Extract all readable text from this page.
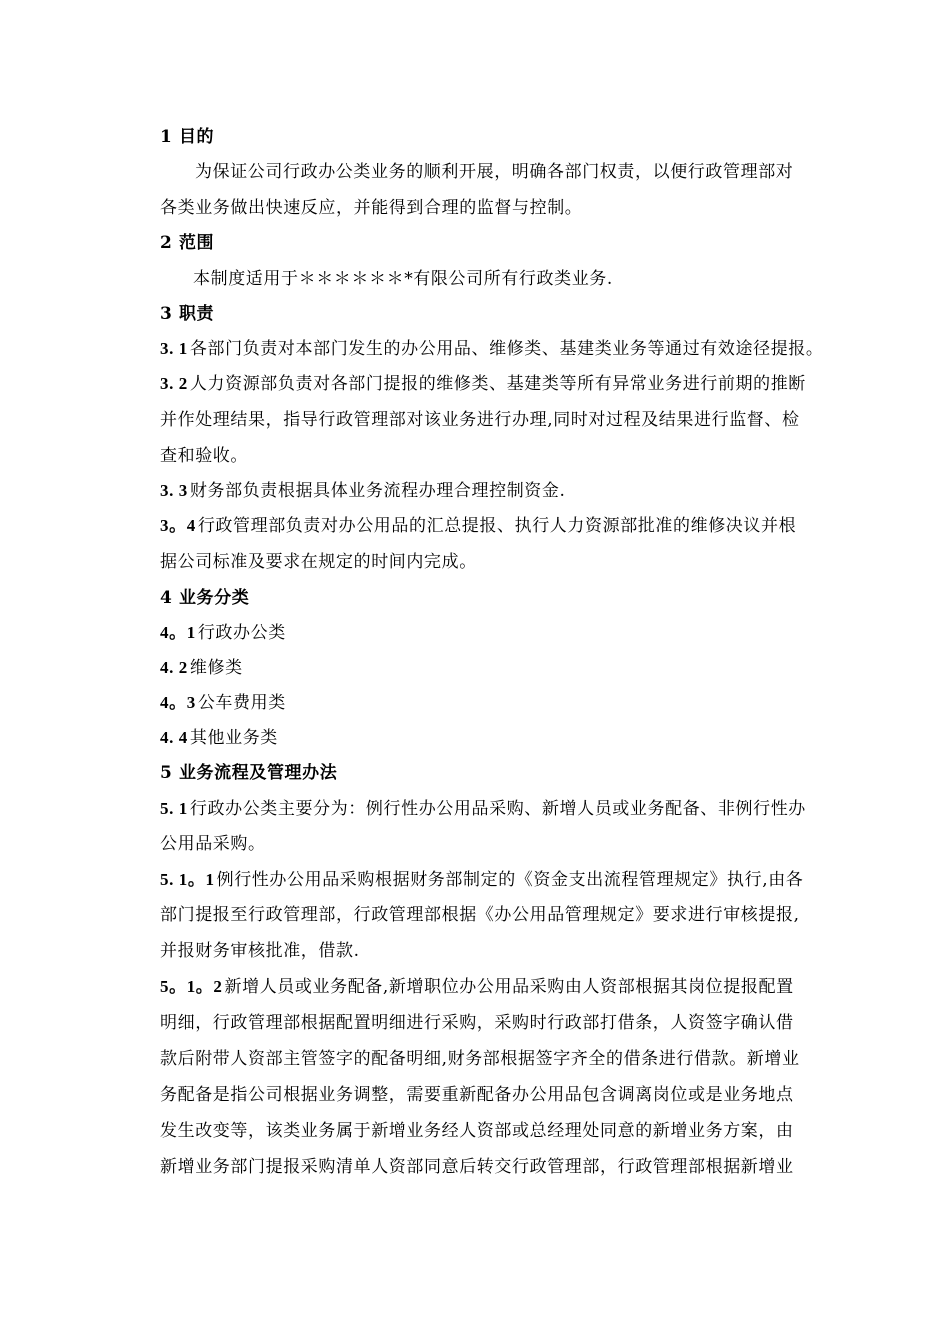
1 目的
为保证公司行政办公类业务的顺利开展，明确各部门权责，以便行政管理部对
各类业务做出快速反应，并能得到合理的监督与控制。
2 范围
本制度适用于＊＊＊＊＊＊*有限公司所有行政类业务.
3 职责
3. 1 各部门负责对本部门发生的办公用品、维修类、基建类业务等通过有效途径提报。
3. 2 人力资源部负责对各部门提报的维修类、基建类等所有异常业务进行前期的推断
并作处理结果，指导行政管理部对该业务进行办理,同时对过程及结果进行监督、检
查和验收。
3. 3 财务部负责根据具体业务流程办理合理控制资金.
3。4 行政管理部负责对办公用品的汇总提报、执行人力资源部批准的维修决议并根
据公司标准及要求在规定的时间内完成。
4 业务分类
4。1 行政办公类
4. 2 维修类
4。3 公车费用类
4. 4 其他业务类
5 业务流程及管理办法
5. 1 行政办公类主要分为：例行性办公用品采购、新增人员或业务配备、非例行性办
公用品采购。
5. 1。1 例行性办公用品采购根据财务部制定的《资金支出流程管理规定》执行,由各
部门提报至行政管理部，行政管理部根据《办公用品管理规定》要求进行审核提报,
并报财务审核批准，借款.
5。1。2 新增人员或业务配备,新增职位办公用品采购由人资部根据其岗位提报配置
明细，行政管理部根据配置明细进行采购，采购时行政部打借条，人资签字确认借
款后附带人资部主管签字的配备明细,财务部根据签字齐全的借条进行借款。新增业
务配备是指公司根据业务调整，需要重新配备办公用品包含调离岗位或是业务地点
发生改变等，该类业务属于新增业务经人资部或总经理处同意的新增业务方案，由
新增业务部门提报采购清单人资部同意后转交行政管理部，行政管理部根据新增业
